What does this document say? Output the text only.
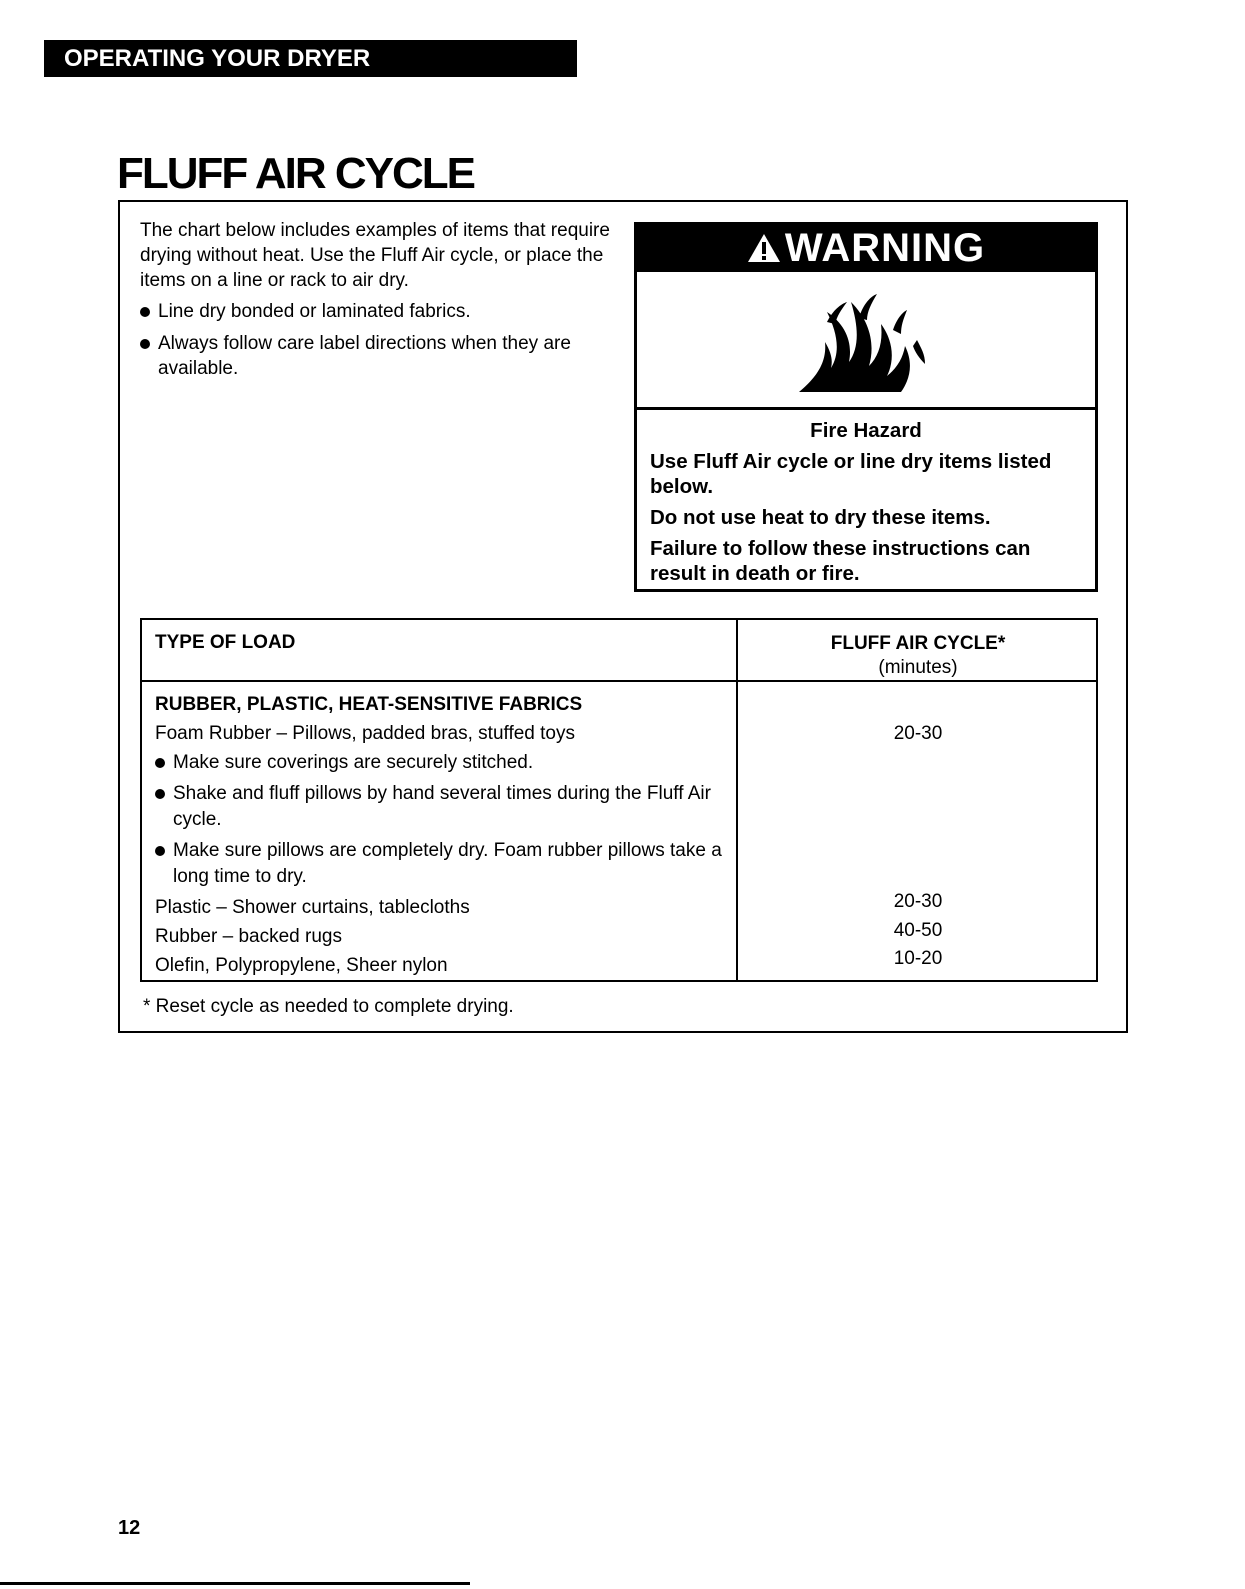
OPERATING YOUR DRYER
FLUFF AIR CYCLE

The chart below includes examples of items that require drying without heat. Use the Fluff Air cycle, or place the items on a line or rack to air dry.

Line dry bonded or laminated fabrics.
Always follow care label directions when they are available.
WARNING
Fire Hazard

Use Fluff Air cycle or line dry items listed below.

Do not use heat to dry these items.

Failure to follow these instructions can result in death or fire.

TYPE OF LOAD	FLUFF AIR CYCLE*
(minutes)
RUBBER, PLASTIC, HEAT-SENSITIVE FABRICS
Foam Rubber – Pillows, padded bras, stuffed toys
Make sure coverings are securely stitched.
Shake and fluff pillows by hand several times during the Fluff Air cycle.
Make sure pillows are completely dry. Foam rubber pillows take a long time to dry.
Plastic – Shower curtains, tablecloths
Rubber – backed rugs
Olefin, Polypropylene, Sheer nylon
20-30
20-30
40-50
10-20
* Reset cycle as needed to complete drying.
12
